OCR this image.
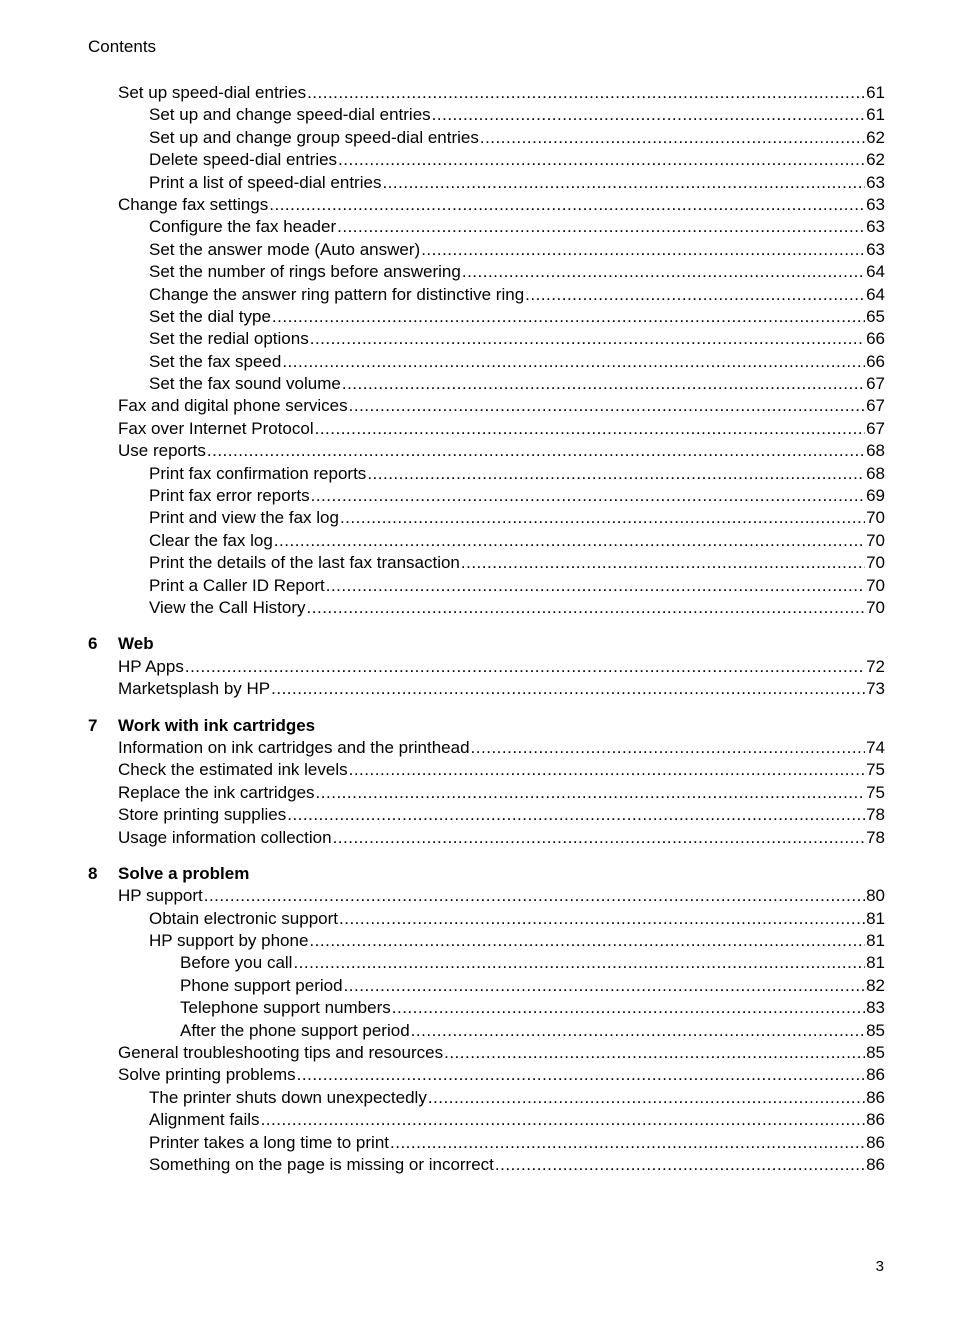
Contents
Set up speed-dial entries .....	61
Set up and change speed-dial entries .....	61
Set up and change group speed-dial entries .....	62
Delete speed-dial entries .....	62
Print a list of speed-dial entries .....	63
Change fax settings .....	63
Configure the fax header .....	63
Set the answer mode (Auto answer) .....	63
Set the number of rings before answering .....	64
Change the answer ring pattern for distinctive ring .....	64
Set the dial type .....	65
Set the redial options .....	66
Set the fax speed .....	66
Set the fax sound volume .....	67
Fax and digital phone services .....	67
Fax over Internet Protocol .....	67
Use reports .....	68
Print fax confirmation reports .....	68
Print fax error reports .....	69
Print and view the fax log .....	70
Clear the fax log .....	70
Print the details of the last fax transaction .....	70
Print a Caller ID Report .....	70
View the Call History .....	70
6	Web
HP Apps .....	72
Marketsplash by HP .....	73
7	Work with ink cartridges
Information on ink cartridges and the printhead .....	74
Check the estimated ink levels .....	75
Replace the ink cartridges .....	75
Store printing supplies .....	78
Usage information collection .....	78
8	Solve a problem
HP support .....	80
Obtain electronic support .....	81
HP support by phone .....	81
Before you call .....	81
Phone support period .....	82
Telephone support numbers .....	83
After the phone support period .....	85
General troubleshooting tips and resources .....	85
Solve printing problems .....	86
The printer shuts down unexpectedly .....	86
Alignment fails .....	86
Printer takes a long time to print .....	86
Something on the page is missing or incorrect .....	86
3
